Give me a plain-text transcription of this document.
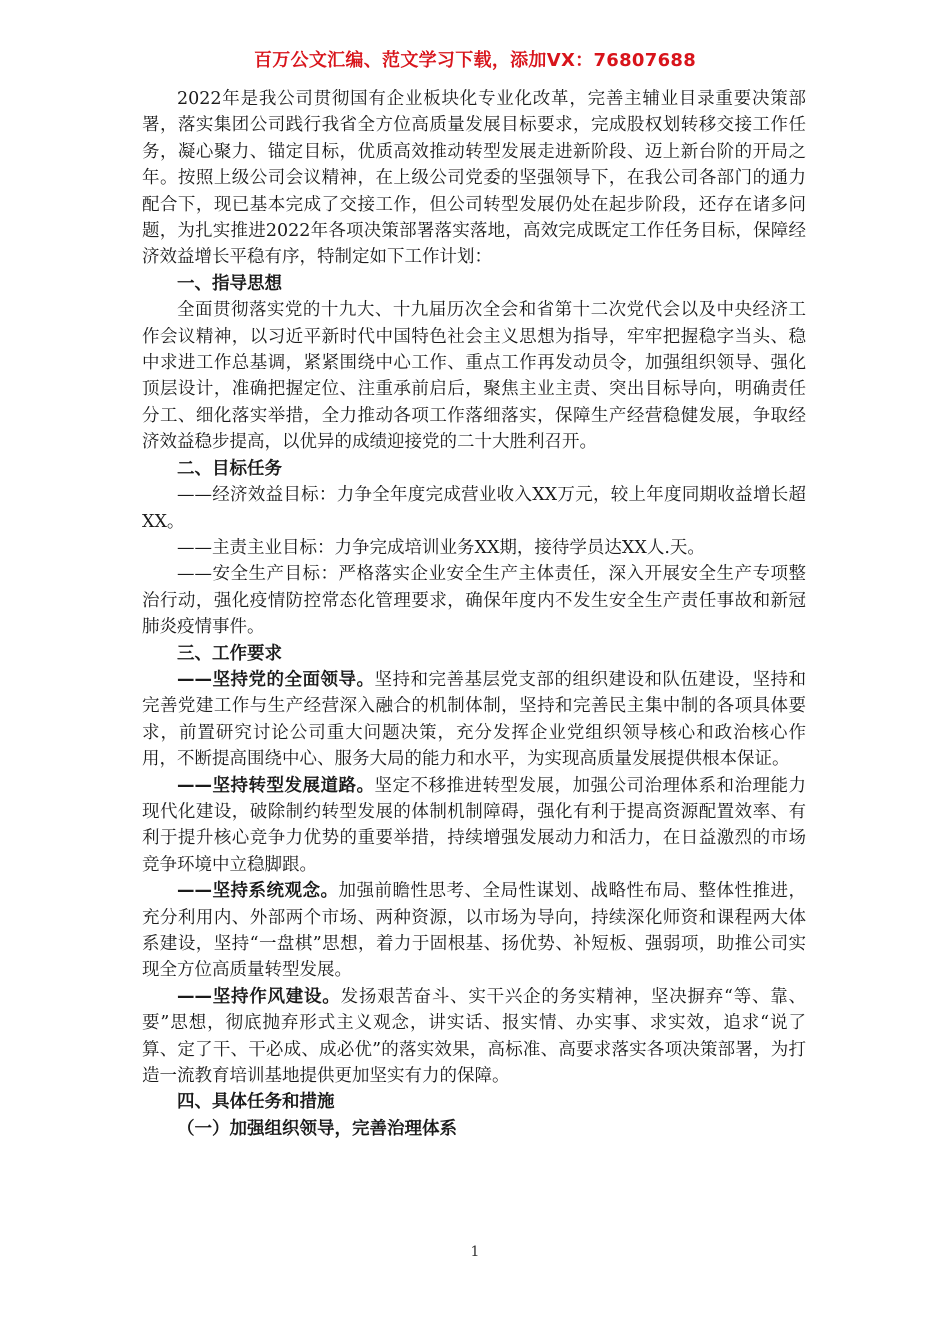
百万公文汇编、范文学习下载，添加VX：76807688

2022年是我公司贯彻国有企业板块化专业化改革，完善主辅业目录重要决策部署，落实集团公司践行我省全方位高质量发展目标要求，完成股权划转移交接工作任务，凝心聚力、锚定目标，优质高效推动转型发展走进新阶段、迈上新台阶的开局之年。按照上级公司会议精神，在上级公司党委的坚强领导下，在我公司各部门的通力配合下，现已基本完成了交接工作，但公司转型发展仍处在起步阶段，还存在诸多问题，为扎实推进2022年各项决策部署落实落地，高效完成既定工作任务目标，保障经济效益增长平稳有序，特制定如下工作计划：

一、指导思想

全面贯彻落实党的十九大、十九届历次全会和省第十二次党代会以及中央经济工作会议精神，以习近平新时代中国特色社会主义思想为指导，牢牢把握稳字当头、稳中求进工作总基调，紧紧围绕中心工作、重点工作再发动员令，加强组织领导、强化顶层设计，准确把握定位、注重承前启后，聚焦主业主责、突出目标导向，明确责任分工、细化落实举措，全力推动各项工作落细落实，保障生产经营稳健发展，争取经济效益稳步提高，以优异的成绩迎接党的二十大胜利召开。

二、目标任务

——经济效益目标：力争全年度完成营业收入XX万元，较上年度同期收益增长超XX。

——主责主业目标：力争完成培训业务XX期，接待学员达XX人.天。

——安全生产目标：严格落实企业安全生产主体责任，深入开展安全生产专项整治行动，强化疫情防控常态化管理要求，确保年度内不发生安全生产责任事故和新冠肺炎疫情事件。

三、工作要求

——坚持党的全面领导。坚持和完善基层党支部的组织建设和队伍建设，坚持和完善党建工作与生产经营深入融合的机制体制，坚持和完善民主集中制的各项具体要求，前置研究讨论公司重大问题决策，充分发挥企业党组织领导核心和政治核心作用，不断提高围绕中心、服务大局的能力和水平，为实现高质量发展提供根本保证。

——坚持转型发展道路。坚定不移推进转型发展，加强公司治理体系和治理能力现代化建设，破除制约转型发展的体制机制障碍，强化有利于提高资源配置效率、有利于提升核心竞争力优势的重要举措，持续增强发展动力和活力，在日益激烈的市场竞争环境中立稳脚跟。

——坚持系统观念。加强前瞻性思考、全局性谋划、战略性布局、整体性推进，充分利用内、外部两个市场、两种资源，以市场为导向，持续深化师资和课程两大体系建设，坚持“一盘棋”思想，着力于固根基、扬优势、补短板、强弱项，助推公司实现全方位高质量转型发展。

——坚持作风建设。发扬艰苦奋斗、实干兴企的务实精神，坚决摒弃“等、靠、要”思想，彻底抛弃形式主义观念，讲实话、报实情、办实事、求实效，追求“说了算、定了干、干必成、成必优”的落实效果，高标准、高要求落实各项决策部署，为打造一流教育培训基地提供更加坚实有力的保障。

四、具体任务和措施

（一）加强组织领导，完善治理体系

1
